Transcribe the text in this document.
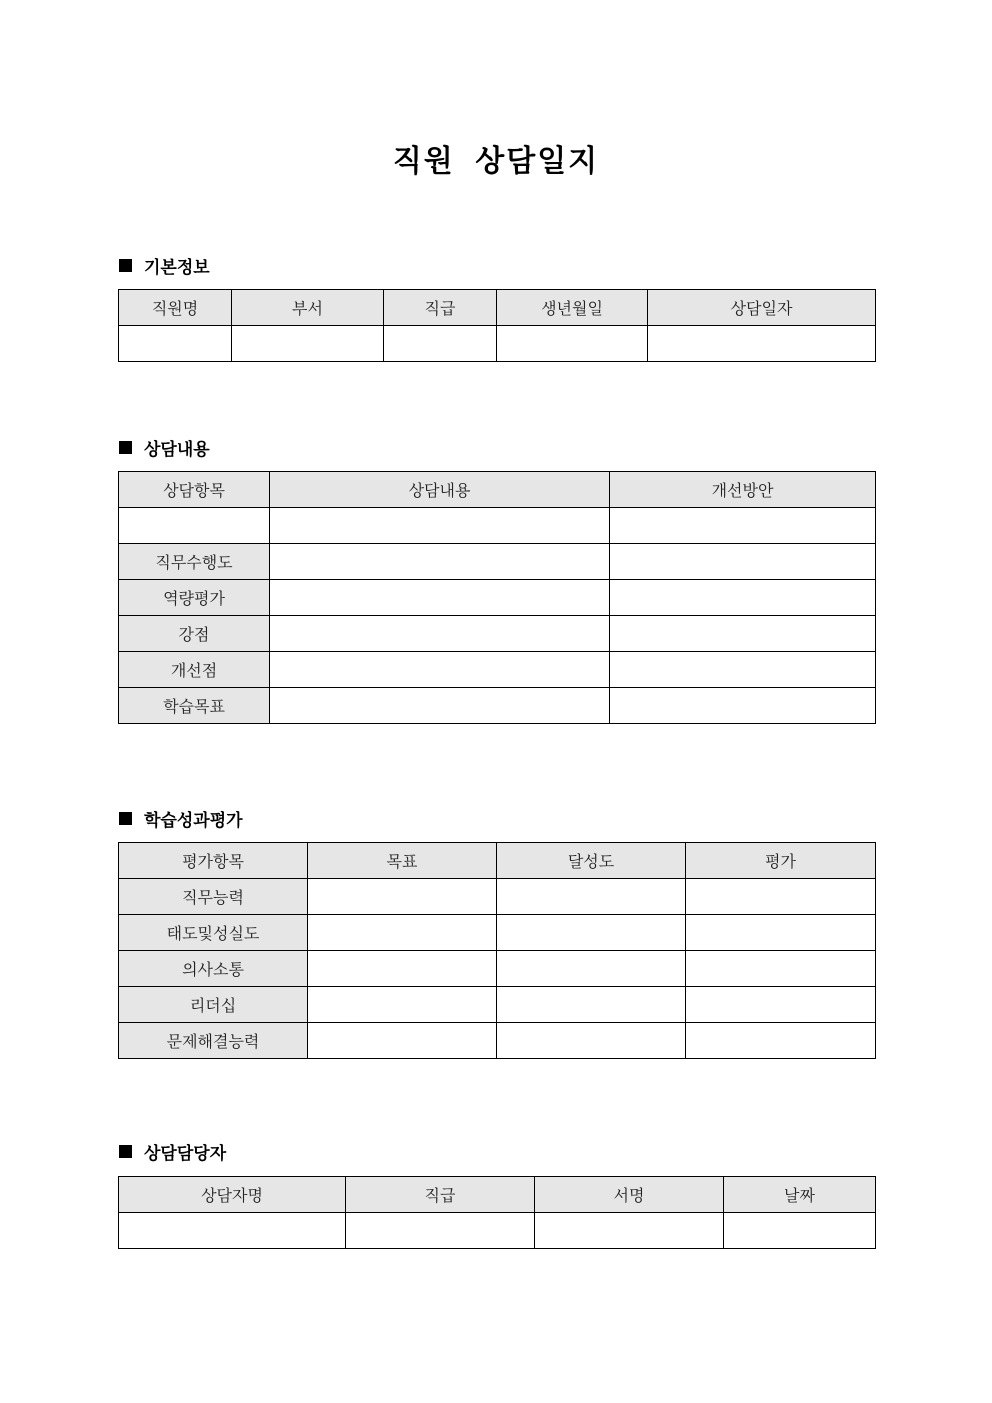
직원 상담일지
기본정보
직원명	부서	직급	생년월일	상담일자

상담내용
상담항목	상담내용	개선방안

직무수행도		
역량평가		
강점		
개선점		
학습목표		
학습성과평가
평가항목	목표	달성도	평가
직무능력			
태도및성실도			
의사소통			
리더십			
문제해결능력			
상담담당자
상담자명	직급	서명	날짜
